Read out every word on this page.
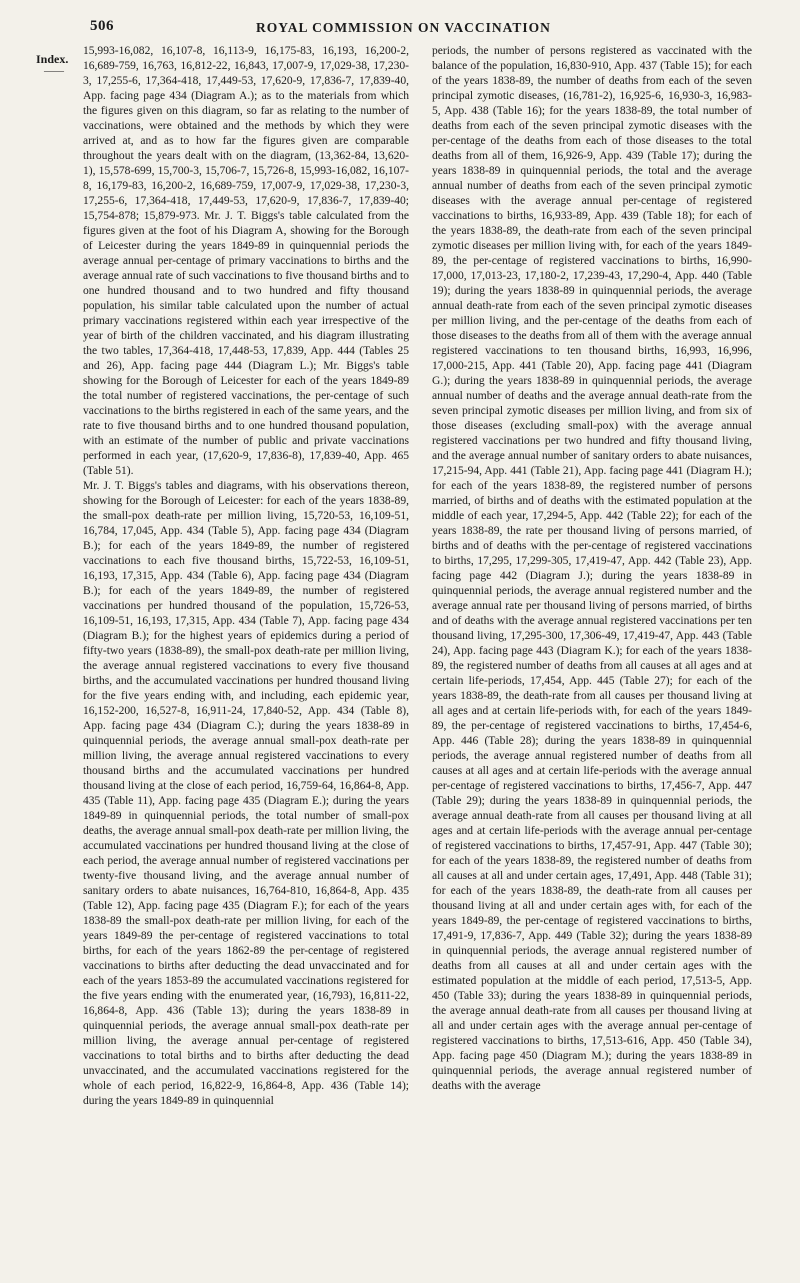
506	ROYAL COMMISSION ON VACCINATION
Index.
——

15,993-16,082, 16,107-8, 16,113-9, 16,175-83, 16,193, 16,200-2, 16,689-759, 16,763, 16,812-22, 16,843, 17,007-9, 17,029-38, 17,230-3, 17,255-6, 17,364-418, 17,449-53, 17,620-9, 17,836-7, 17,839-40, App. facing page 434 (Diagram A.); as to the materials from which the figures given on this diagram, so far as relating to the number of vaccinations, were obtained and the methods by which they were arrived at, and as to how far the figures given are comparable throughout the years dealt with on the diagram, (13,362-84, 13,620-1), 15,578-699, 15,700-3, 15,706-7, 15,726-8, 15,993-16,082, 16,107-8, 16,179-83, 16,200-2, 16,689-759, 17,007-9, 17,029-38, 17,230-3, 17,255-6, 17,364-418, 17,449-53, 17,620-9, 17,836-7, 17,839-40; 15,754-878; 15,879-973. Mr. J. T. Biggs's table calculated from the figures given at the foot of his Diagram A, showing for the Borough of Leicester during the years 1849-89 in quinquennial periods the average annual per-centage of primary vaccinations to births and the average annual rate of such vaccinations to five thousand births and to one hundred thousand and to two hundred and fifty thousand population, his similar table calculated upon the number of actual primary vaccinations registered within each year irrespective of the year of birth of the children vaccinated, and his diagram illustrating the two tables, 17,364-418, 17,448-53, 17,839, App. 444 (Tables 25 and 26), App. facing page 444 (Diagram L.); Mr. Biggs's table showing for the Borough of Leicester for each of the years 1849-89 the total number of registered vaccinations, the per-centage of such vaccinations to the births registered in each of the same years, and the rate to five thousand births and to one hundred thousand population, with an estimate of the number of public and private vaccinations performed in each year, (17,620-9, 17,836-8), 17,839-40, App. 465 (Table 51).

Mr. J. T. Biggs's tables and diagrams, with his observations thereon, showing for the Borough of Leicester: for each of the years 1838-89, the small-pox death-rate per million living, 15,720-53, 16,109-51, 16,784, 17,045, App. 434 (Table 5), App. facing page 434 (Diagram B.); for each of the years 1849-89, the number of registered vaccinations to each five thousand births, 15,722-53, 16,109-51, 16,193, 17,315, App. 434 (Table 6), App. facing page 434 (Diagram B.); for each of the years 1849-89, the number of registered vaccinations per hundred thousand of the population, 15,726-53, 16,109-51, 16,193, 17,315, App. 434 (Table 7), App. facing page 434 (Diagram B.); for the highest years of epidemics during a period of fifty-two years (1838-89), the small-pox death-rate per million living, the average annual registered vaccinations to every five thousand births, and the accumulated vaccinations per hundred thousand living for the five years ending with, and including, each epidemic year, 16,152-200, 16,527-8, 16,911-24, 17,840-52, App. 434 (Table 8), App. facing page 434 (Diagram C.); during the years 1838-89 in quinquennial periods, the average annual small-pox death-rate per million living, the average annual registered vaccinations to every thousand births and the accumulated vaccinations per hundred thousand living at the close of each period, 16,759-64, 16,864-8, App. 435 (Table 11), App. facing page 435 (Diagram E.); during the years 1849-89 in quinquennial periods, the total number of small-pox deaths, the average annual small-pox death-rate per million living, the accumulated vaccinations per hundred thousand living at the close of each period, the average annual number of registered vaccinations per twenty-five thousand living, and the average annual number of sanitary orders to abate nuisances, 16,764-810, 16,864-8, App. 435 (Table 12), App. facing page 435 (Diagram F.); for each of the years 1838-89 the small-pox death-rate per million living, for each of the years 1849-89 the per-centage of registered vaccinations to total births, for each of the years 1862-89 the per-centage of registered vaccinations to births after deducting the dead unvaccinated and for each of the years 1853-89 the accumulated vaccinations registered for the five years ending with the enumerated year, (16,793), 16,811-22, 16,864-8, App. 436 (Table 13); during the years 1838-89 in quinquennial periods, the average annual small-pox death-rate per million living, the average annual per-centage of registered vaccinations to total births and to births after deducting the dead unvaccinated, and the accumulated vaccinations registered for the whole of each period, 16,822-9, 16,864-8, App. 436 (Table 14); during the years 1849-89 in quinquennial

periods, the number of persons registered as vaccinated with the balance of the population, 16,830-910, App. 437 (Table 15); for each of the years 1838-89, the number of deaths from each of the seven principal zymotic diseases, (16,781-2), 16,925-6, 16,930-3, 16,983-5, App. 438 (Table 16); for the years 1838-89, the total number of deaths from each of the seven principal zymotic diseases with the per-centage of the deaths from each of those diseases to the total deaths from all of them, 16,926-9, App. 439 (Table 17); during the years 1838-89 in quinquennial periods, the total and the average annual number of deaths from each of the seven principal zymotic diseases with the average annual per-centage of registered vaccinations to births, 16,933-89, App. 439 (Table 18); for each of the years 1838-89, the death-rate from each of the seven principal zymotic diseases per million living with, for each of the years 1849-89, the per-centage of registered vaccinations to births, 16,990-17,000, 17,013-23, 17,180-2, 17,239-43, 17,290-4, App. 440 (Table 19); during the years 1838-89 in quinquennial periods, the average annual death-rate from each of the seven principal zymotic diseases per million living, and the per-centage of the deaths from each of those diseases to the deaths from all of them with the average annual registered vaccinations to ten thousand births, 16,993, 16,996, 17,000-215, App. 441 (Table 20), App. facing page 441 (Diagram G.); during the years 1838-89 in quinquennial periods, the average annual number of deaths and the average annual death-rate from the seven principal zymotic diseases per million living, and from six of those diseases (excluding small-pox) with the average annual registered vaccinations per two hundred and fifty thousand living, and the average annual number of sanitary orders to abate nuisances, 17,215-94, App. 441 (Table 21), App. facing page 441 (Diagram H.); for each of the years 1838-89, the registered number of persons married, of births and of deaths with the estimated population at the middle of each year, 17,294-5, App. 442 (Table 22); for each of the years 1838-89, the rate per thousand living of persons married, of births and of deaths with the per-centage of registered vaccinations to births, 17,295, 17,299-305, 17,419-47, App. 442 (Table 23), App. facing page 442 (Diagram J.); during the years 1838-89 in quinquennial periods, the average annual registered number and the average annual rate per thousand living of persons married, of births and of deaths with the average annual registered vaccinations per ten thousand living, 17,295-300, 17,306-49, 17,419-47, App. 443 (Table 24), App. facing page 443 (Diagram K.); for each of the years 1838-89, the registered number of deaths from all causes at all ages and at certain life-periods, 17,454, App. 445 (Table 27); for each of the years 1838-89, the death-rate from all causes per thousand living at all ages and at certain life-periods with, for each of the years 1849-89, the per-centage of registered vaccinations to births, 17,454-6, App. 446 (Table 28); during the years 1838-89 in quinquennial periods, the average annual registered number of deaths from all causes at all ages and at certain life-periods with the average annual per-centage of registered vaccinations to births, 17,456-7, App. 447 (Table 29); during the years 1838-89 in quinquennial periods, the average annual death-rate from all causes per thousand living at all ages and at certain life-periods with the average annual per-centage of registered vaccinations to births, 17,457-91, App. 447 (Table 30); for each of the years 1838-89, the registered number of deaths from all causes at all and under certain ages, 17,491, App. 448 (Table 31); for each of the years 1838-89, the death-rate from all causes per thousand living at all and under certain ages with, for each of the years 1849-89, the per-centage of registered vaccinations to births, 17,491-9, 17,836-7, App. 449 (Table 32); during the years 1838-89 in quinquennial periods, the average annual registered number of deaths from all causes at all and under certain ages with the estimated population at the middle of each period, 17,513-5, App. 450 (Table 33); during the years 1838-89 in quinquennial periods, the average annual death-rate from all causes per thousand living at all and under certain ages with the average annual per-centage of registered vaccinations to births, 17,513-616, App. 450 (Table 34), App. facing page 450 (Diagram M.); during the years 1838-89 in quinquennial periods, the average annual registered number of deaths with the average
